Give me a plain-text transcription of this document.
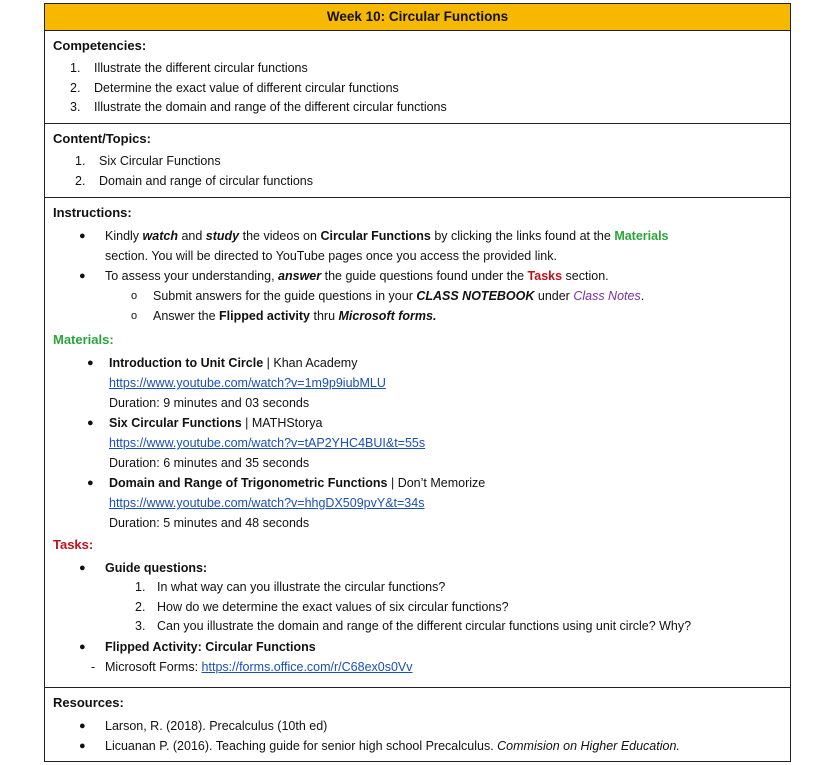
Week 10: Circular Functions
Competencies:
1. Illustrate the different circular functions
2. Determine the exact value of different circular functions
3. Illustrate the domain and range of the different circular functions
Content/Topics:
1. Six Circular Functions
2. Domain and range of circular functions
Instructions:
● Kindly watch and study the videos on Circular Functions by clicking the links found at the Materials
section. You will be directed to YouTube pages once you access the provided link.
● To assess your understanding, answer the guide questions found under the Tasks section.
o Submit answers for the guide questions in your CLASS NOTEBOOK under Class Notes.
o Answer the Flipped activity thru Microsoft forms.
Materials:
● Introduction to Unit Circle | Khan Academy
https://www.youtube.com/watch?v=1m9p9iubMLU
Duration: 9 minutes and 03 seconds
● Six Circular Functions | MATHStorya
https://www.youtube.com/watch?v=tAP2YHC4BUI&t=55s
Duration: 6 minutes and 35 seconds
● Domain and Range of Trigonometric Functions | Don’t Memorize
https://www.youtube.com/watch?v=hhgDX509pvY&t=34s
Duration: 5 minutes and 48 seconds
Tasks:
● Guide questions:
1. In what way can you illustrate the circular functions?
2. How do we determine the exact values of six circular functions?
3. Can you illustrate the domain and range of the different circular functions using unit circle? Why?
● Flipped Activity: Circular Functions
- Microsoft Forms: https://forms.office.com/r/C68ex0s0Vv
Resources:
● Larson, R. (2018). Precalculus (10th ed)
● Licuanan P. (2016). Teaching guide for senior high school Precalculus. Commision on Higher Education.
